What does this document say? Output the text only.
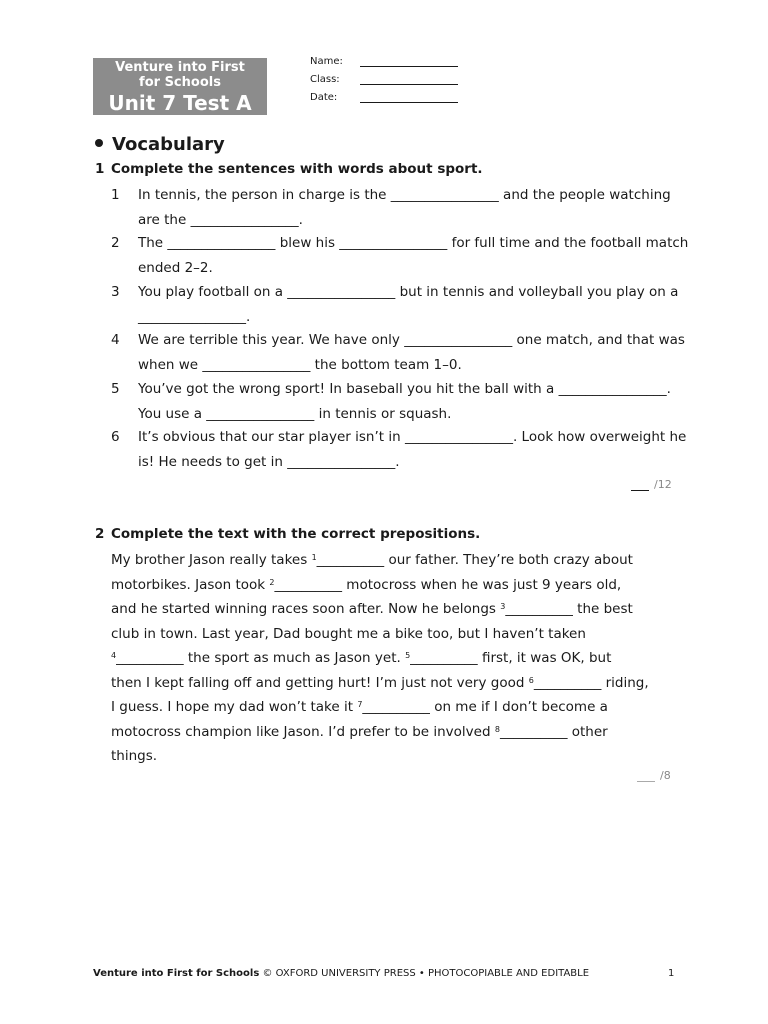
Venture into First
for Schools
Unit 7 Test A
Name:
Class:
Date:
Vocabulary
1 Complete the sentences with words about sport.
1 In tennis, the person in charge is the ________________ and the people watching are the ________________.
2 The ________________ blew his ________________ for full time and the football match ended 2–2.
3 You play football on a ________________ but in tennis and volleyball you play on a ________________.
4 We are terrible this year. We have only ________________ one match, and that was when we ________________ the bottom team 1–0.
5 You’ve got the wrong sport! In baseball you hit the ball with a ________________. You use a ________________ in tennis or squash.
6 It’s obvious that our star player isn’t in ________________. Look how overweight he is! He needs to get in ________________.
/12
2 Complete the text with the correct prepositions.
My brother Jason really takes $^1$__________ our father. They’re both crazy about
motorbikes. Jason took $^2$__________ motocross when he was just 9 years old,
and he started winning races soon after. Now he belongs $^3$__________ the best
club in town. Last year, Dad bought me a bike too, but I haven’t taken
$^4$__________ the sport as much as Jason yet. $^5$__________ first, it was OK, but
then I kept falling off and getting hurt! I’m just not very good $^6$__________ riding,
I guess. I hope my dad won’t take it $^7$__________ on me if I don’t become a
motocross champion like Jason. I’d prefer to be involved $^8$__________ other
things.
/8
Venture into First for Schools © OXFORD UNIVERSITY PRESS • PHOTOCOPIABLE AND EDITABLE	1
